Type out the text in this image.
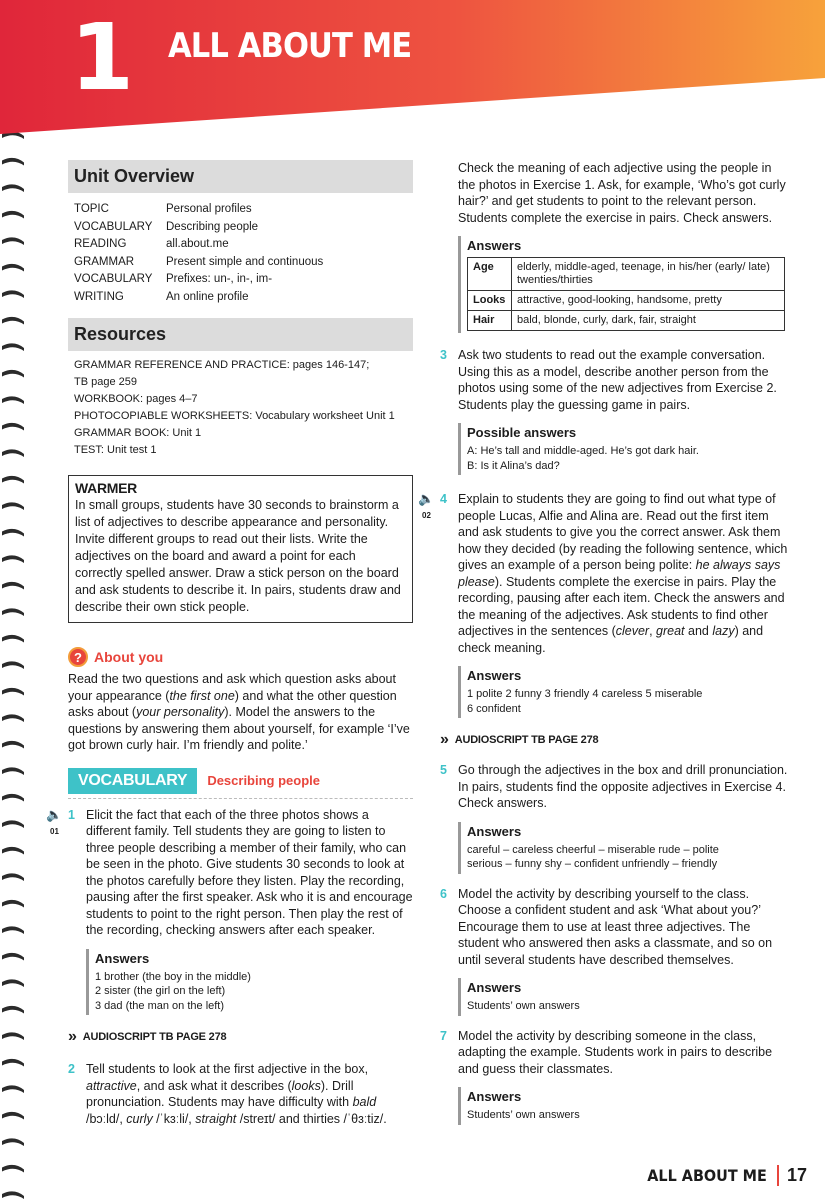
1 ALL ABOUT ME
Unit Overview
TOPIC	Personal profiles
VOCABULARY	Describing people
READING	all.about.me
GRAMMAR	Present simple and continuous
VOCABULARY	Prefixes: un-, in-, im-
WRITING	An online profile
Resources
GRAMMAR REFERENCE AND PRACTICE: pages 146-147;
TB page 259
WORKBOOK: pages 4–7
PHOTOCOPIABLE WORKSHEETS: Vocabulary worksheet Unit 1
GRAMMAR BOOK: Unit 1
TEST: Unit test 1
WARMER
In small groups, students have 30 seconds to brainstorm a list of adjectives to describe appearance and personality. Invite different groups to read out their lists. Write the adjectives on the board and award a point for each correctly spelled answer. Draw a stick person on the board and ask students to describe it. In pairs, students draw and describe their own stick people.
? About you
Read the two questions and ask which question asks about your appearance (the first one) and what the other question asks about (your personality). Model the answers to the questions by answering them about yourself, for example ‘I’ve got brown curly hair. I’m friendly and polite.’
VOCABULARY	Describing people
🔈
01
1 Elicit the fact that each of the three photos shows a different family. Tell students they are going to listen to three people describing a member of their family, who can be seen in the photo. Give students 30 seconds to look at the photos carefully before they listen. Play the recording, pausing after the first speaker. Ask who it is and encourage students to point to the right person. Then play the rest of the recording, checking answers after each speaker.
Answers
1 brother (the boy in the middle)
2 sister (the girl on the left)
3 dad (the man on the left)
» AUDIOSCRIPT TB PAGE 278
2 Tell students to look at the first adjective in the box, attractive, and ask what it describes (looks). Drill pronunciation. Students may have difficulty with bald /bɔːld/, curly /ˈkɜːli/, straight /streɪt/ and thirties /ˈθɜːtiz/.
Check the meaning of each adjective using the people in the photos in Exercise 1. Ask, for example, ‘Who’s got curly hair?’ and get students to point to the relevant person. Students complete the exercise in pairs. Check answers.
Answers
Age	elderly, middle-aged, teenage, in his/her (early/ late) twenties/thirties
Looks	attractive, good-looking, handsome, pretty
Hair	bald, blonde, curly, dark, fair, straight
3 Ask two students to read out the example conversation. Using this as a model, describe another person from the photos using some of the new adjectives from Exercise 2. Students play the guessing game in pairs.
Possible answers
A: He’s tall and middle-aged. He’s got dark hair.
B: Is it Alina’s dad?
🔈
02
4 Explain to students they are going to find out what type of people Lucas, Alfie and Alina are. Read out the first item and ask students to give you the correct answer. Ask them how they decided (by reading the following sentence, which gives an example of a person being polite: he always says please). Students complete the exercise in pairs. Play the recording, pausing after each item. Check the answers and the meaning of the adjectives. Ask students to find other adjectives in the sentences (clever, great and lazy) and check meaning.
Answers
1 polite 2 funny 3 friendly 4 careless 5 miserable
6 confident
» AUDIOSCRIPT TB PAGE 278
5 Go through the adjectives in the box and drill pronunciation. In pairs, students find the opposite adjectives in Exercise 4. Check answers.
Answers
careful – careless cheerful – miserable rude – polite
serious – funny shy – confident unfriendly – friendly
6 Model the activity by describing yourself to the class. Choose a confident student and ask ‘What about you?’ Encourage them to use at least three adjectives. The student who answered then asks a classmate, and so on until several students have described themselves.
Answers
Students’ own answers
7 Model the activity by describing someone in the class, adapting the example. Students work in pairs to describe and guess their classmates.
Answers
Students’ own answers
ALL ABOUT ME	17
